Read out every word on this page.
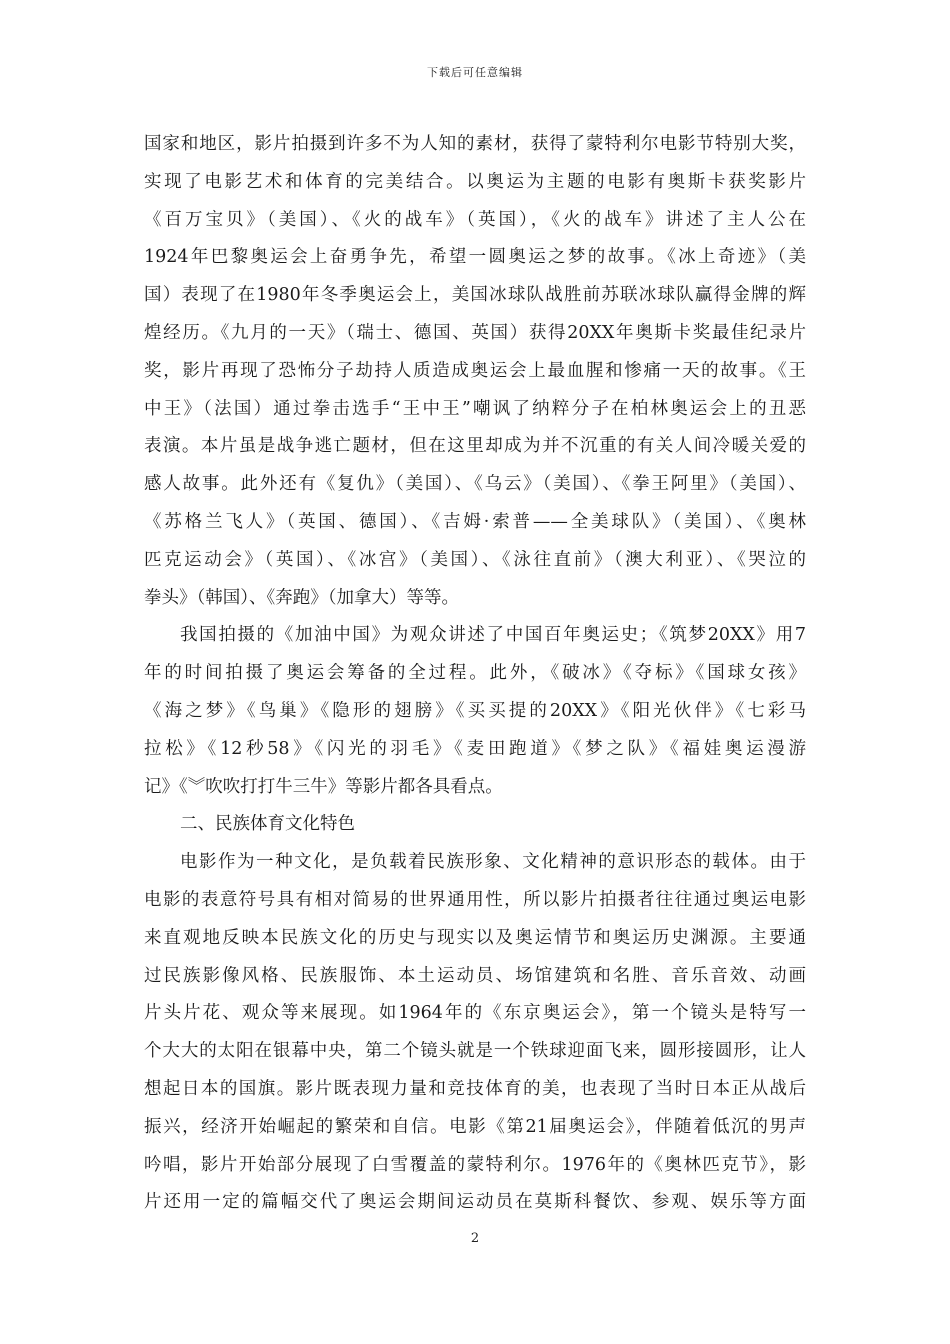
下载后可任意编辑
国家和地区，影片拍摄到许多不为人知的素材，获得了蒙特利尔电影节特别大奖，
实现了电影艺术和体育的完美结合。以奥运为主题的电影有奥斯卡获奖影片
《百万宝贝》（美国）、《火的战车》（英国），《火的战车》讲述了主人公在
1924年巴黎奥运会上奋勇争先，希望一圆奥运之梦的故事。《冰上奇迹》（美
国）表现了在1980年冬季奥运会上，美国冰球队战胜前苏联冰球队赢得金牌的辉
煌经历。《九月的一天》（瑞士、德国、英国）获得20XX年奥斯卡奖最佳纪录片
奖，影片再现了恐怖分子劫持人质造成奥运会上最血腥和惨痛一天的故事。《王
中王》（法国）通过拳击选手“王中王”嘲讽了纳粹分子在柏林奥运会上的丑恶
表演。本片虽是战争逃亡题材，但在这里却成为并不沉重的有关人间冷暖关爱的
感人故事。此外还有《复仇》（美国）、《乌云》（美国）、《拳王阿里》（美国）、
《苏格兰飞人》（英国、德国）、《吉姆·索普——全美球队》（美国）、《奥林
匹克运动会》（英国）、《冰宫》（美国）、《泳往直前》（澳大利亚）、《哭泣的
拳头》（韩国）、《奔跑》（加拿大）等等。
我国拍摄的《加油中国》为观众讲述了中国百年奥运史；《筑梦20XX》用7
年的时间拍摄了奥运会筹备的全过程。此外，《破冰》《夺标》《国球女孩》
《海之梦》《鸟巢》《隐形的翅膀》《买买提的20XX》《阳光伙伴》《七彩马
拉松》《12秒58》《闪光的羽毛》《麦田跑道》《梦之队》《福娃奥运漫游
记》《︾吹吹打打牛三牛》等影片都各具看点。
二、民族体育文化特色
电影作为一种文化，是负载着民族形象、文化精神的意识形态的载体。由于
电影的表意符号具有相对简易的世界通用性，所以影片拍摄者往往通过奥运电影
来直观地反映本民族文化的历史与现实以及奥运情节和奥运历史渊源。主要通
过民族影像风格、民族服饰、本土运动员、场馆建筑和名胜、音乐音效、动画
片头片花、观众等来展现。如1964年的《东京奥运会》，第一个镜头是特写一
个大大的太阳在银幕中央，第二个镜头就是一个铁球迎面飞来，圆形接圆形，让人
想起日本的国旗。影片既表现力量和竞技体育的美，也表现了当时日本正从战后
振兴，经济开始崛起的繁荣和自信。电影《第21届奥运会》，伴随着低沉的男声
吟唱，影片开始部分展现了白雪覆盖的蒙特利尔。1976年的《奥林匹克节》，影
片还用一定的篇幅交代了奥运会期间运动员在莫斯科餐饮、参观、娱乐等方面
2
